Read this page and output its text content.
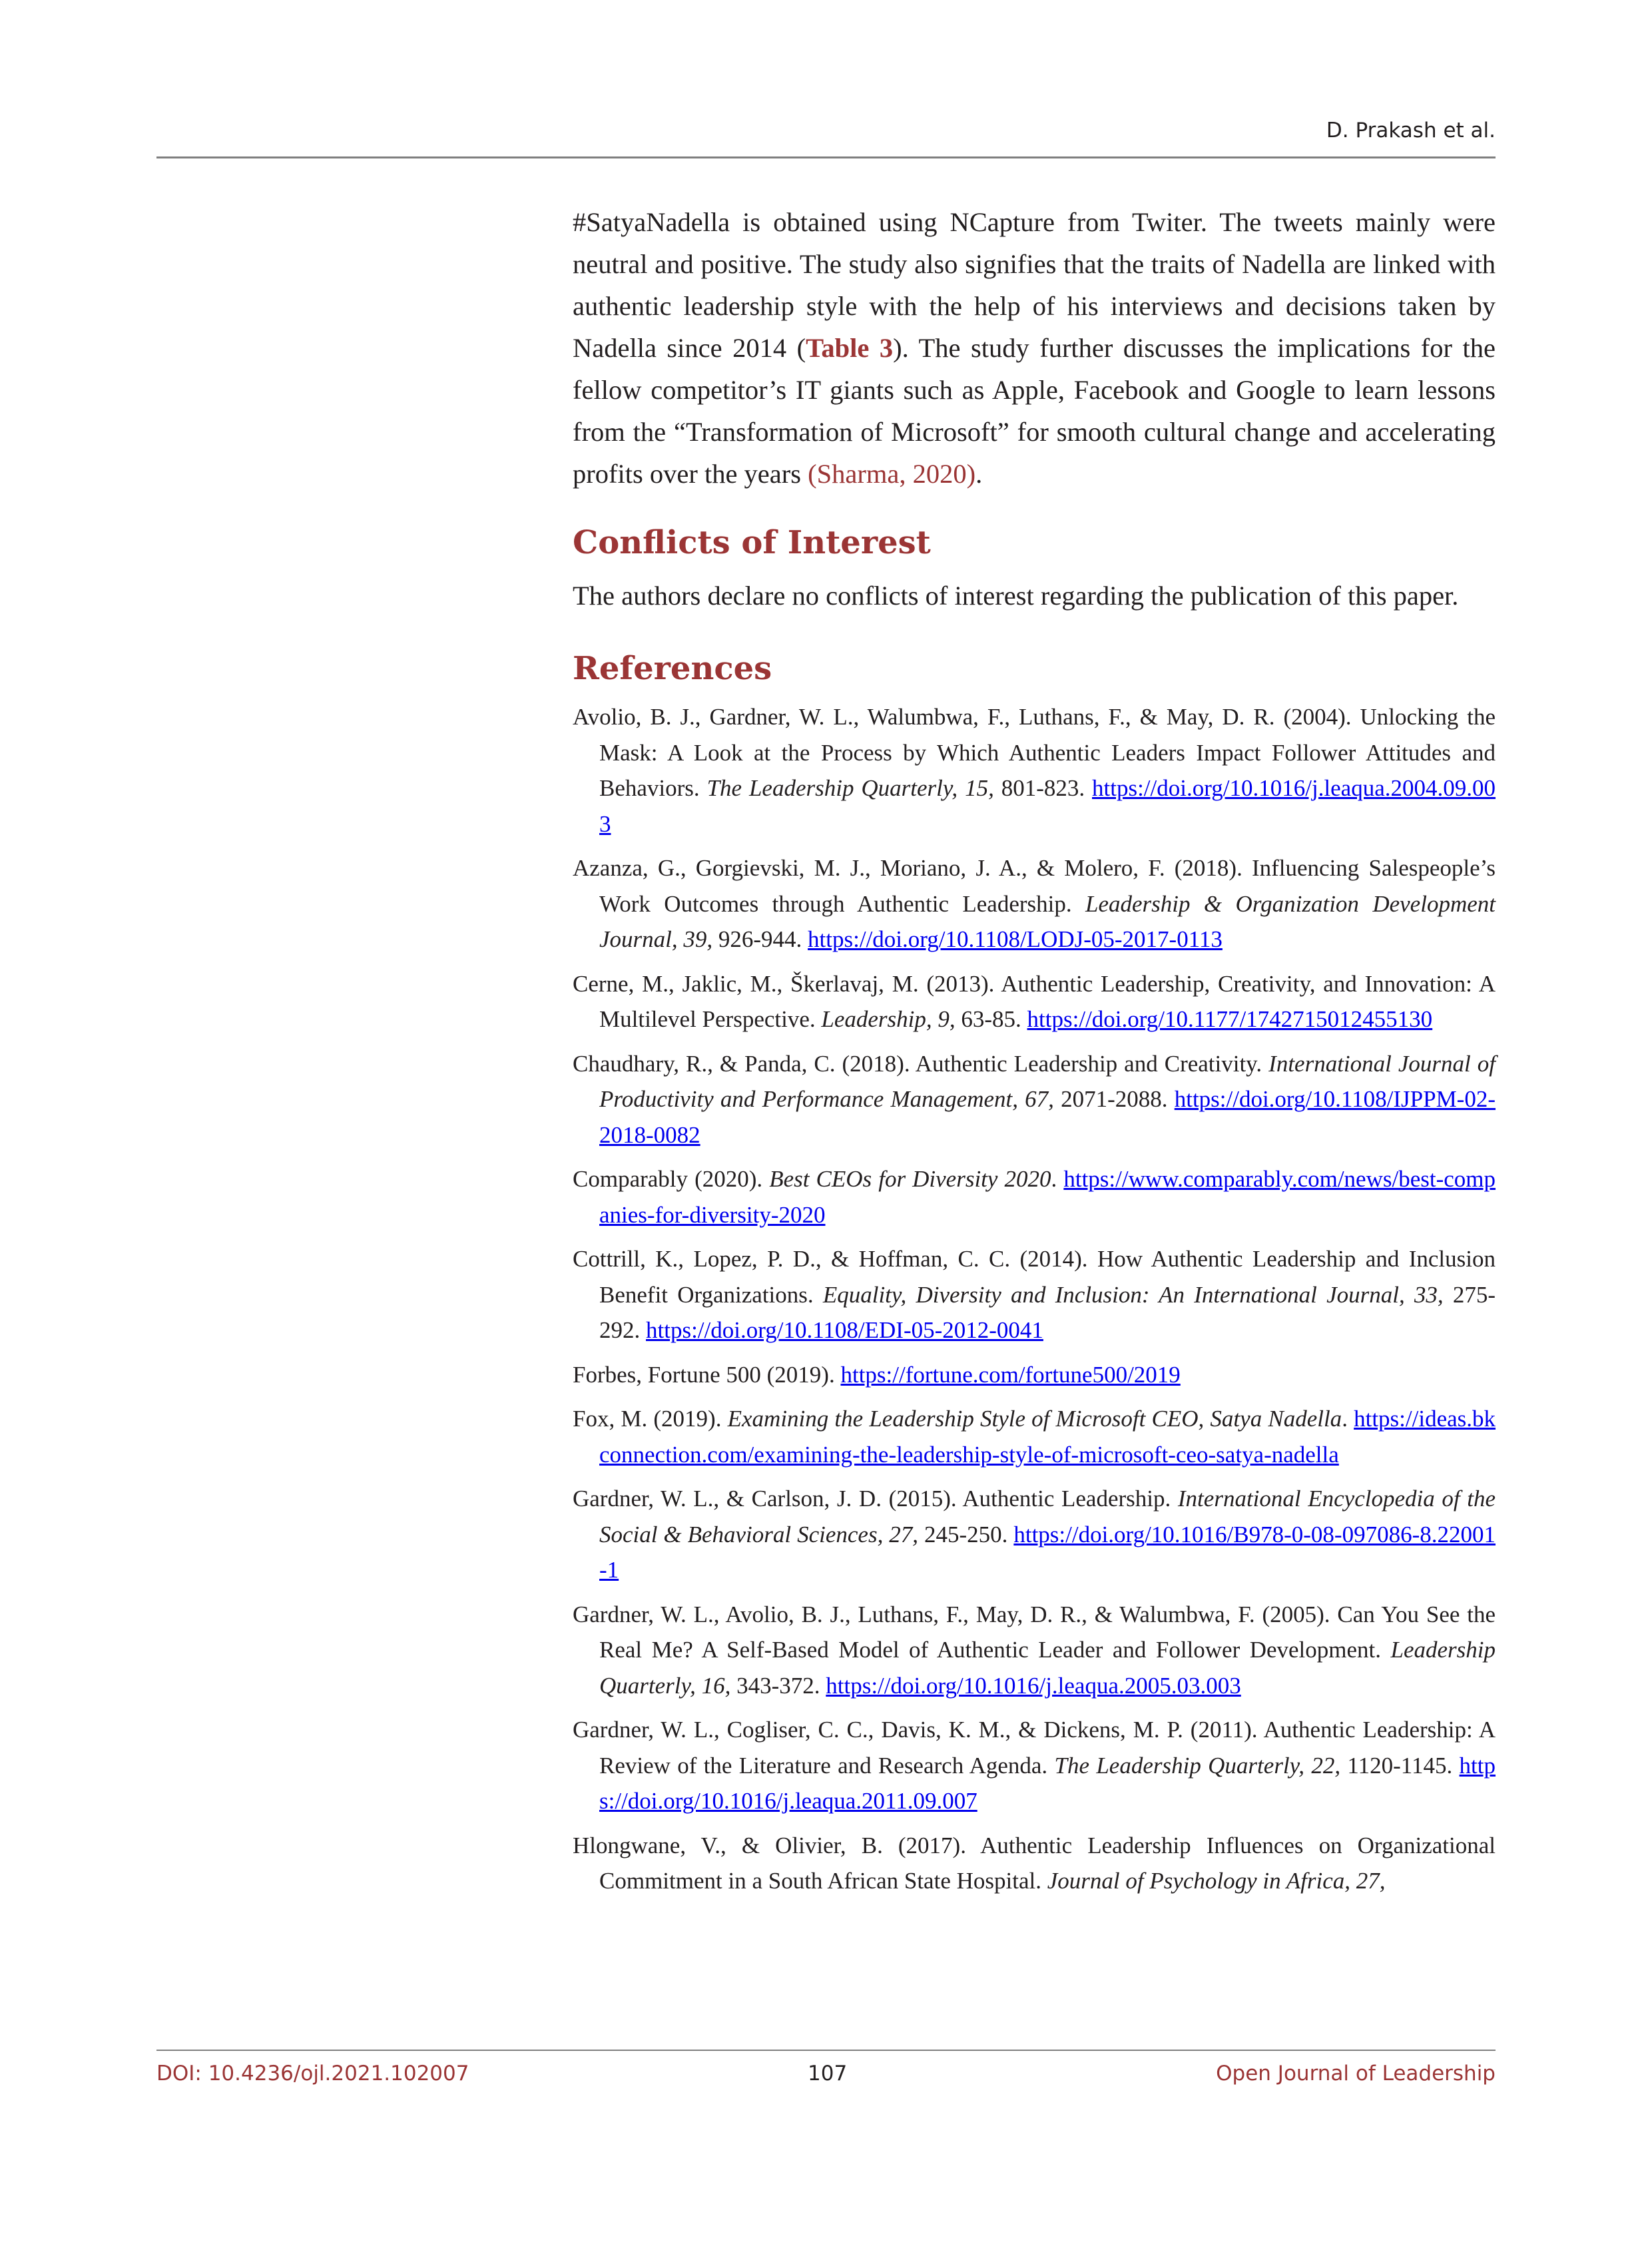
D. Prakash et al.

#SatyaNadella is obtained using NCapture from Twiter. The tweets mainly were neutral and positive. The study also signifies that the traits of Nadella are linked with authentic leadership style with the help of his interviews and decisions taken by Nadella since 2014 (Table 3). The study further discusses the implications for the fellow competitor’s IT giants such as Apple, Facebook and Google to learn lessons from the “Transformation of Microsoft” for smooth cultural change and accelerating profits over the years (Sharma, 2020).

Conflicts of Interest

The authors declare no conflicts of interest regarding the publication of this paper.

References
Avolio, B. J., Gardner, W. L., Walumbwa, F., Luthans, F., & May, D. R. (2004). Unlocking the Mask: A Look at the Process by Which Authentic Leaders Impact Follower Attitudes and Behaviors. The Leadership Quarterly, 15, 801-823. https://doi.org/10.1016/j.leaqua.2004.09.003
Azanza, G., Gorgievski, M. J., Moriano, J. A., & Molero, F. (2018). Influencing Salespeople’s Work Outcomes through Authentic Leadership. Leadership & Organization Development Journal, 39, 926-944. https://doi.org/10.1108/LODJ-05-2017-0113
Cerne, M., Jaklic, M., Škerlavaj, M. (2013). Authentic Leadership, Creativity, and Innovation: A Multilevel Perspective. Leadership, 9, 63-85. https://doi.org/10.1177/1742715012455130
Chaudhary, R., & Panda, C. (2018). Authentic Leadership and Creativity. International Journal of Productivity and Performance Management, 67, 2071-2088. https://doi.org/10.1108/IJPPM-02-2018-0082
Comparably (2020). Best CEOs for Diversity 2020. https://www.comparably.com/news/best-companies-for-diversity-2020
Cottrill, K., Lopez, P. D., & Hoffman, C. C. (2014). How Authentic Leadership and Inclusion Benefit Organizations. Equality, Diversity and Inclusion: An International Journal, 33, 275-292. https://doi.org/10.1108/EDI-05-2012-0041
Forbes, Fortune 500 (2019). https://fortune.com/fortune500/2019
Fox, M. (2019). Examining the Leadership Style of Microsoft CEO, Satya Nadella. https://ideas.bkconnection.com/examining-the-leadership-style-of-microsoft-ceo-satya-nadella
Gardner, W. L., & Carlson, J. D. (2015). Authentic Leadership. International Encyclopedia of the Social & Behavioral Sciences, 27, 245-250. https://doi.org/10.1016/B978-0-08-097086-8.22001-1
Gardner, W. L., Avolio, B. J., Luthans, F., May, D. R., & Walumbwa, F. (2005). Can You See the Real Me? A Self-Based Model of Authentic Leader and Follower Development. Leadership Quarterly, 16, 343-372. https://doi.org/10.1016/j.leaqua.2005.03.003
Gardner, W. L., Cogliser, C. C., Davis, K. M., & Dickens, M. P. (2011). Authentic Leadership: A Review of the Literature and Research Agenda. The Leadership Quarterly, 22, 1120-1145. https://doi.org/10.1016/j.leaqua.2011.09.007
Hlongwane, V., & Olivier, B. (2017). Authentic Leadership Influences on Organizational Commitment in a South African State Hospital. Journal of Psychology in Africa, 27,
DOI: 10.4236/ojl.2021.102007	107	Open Journal of Leadership
